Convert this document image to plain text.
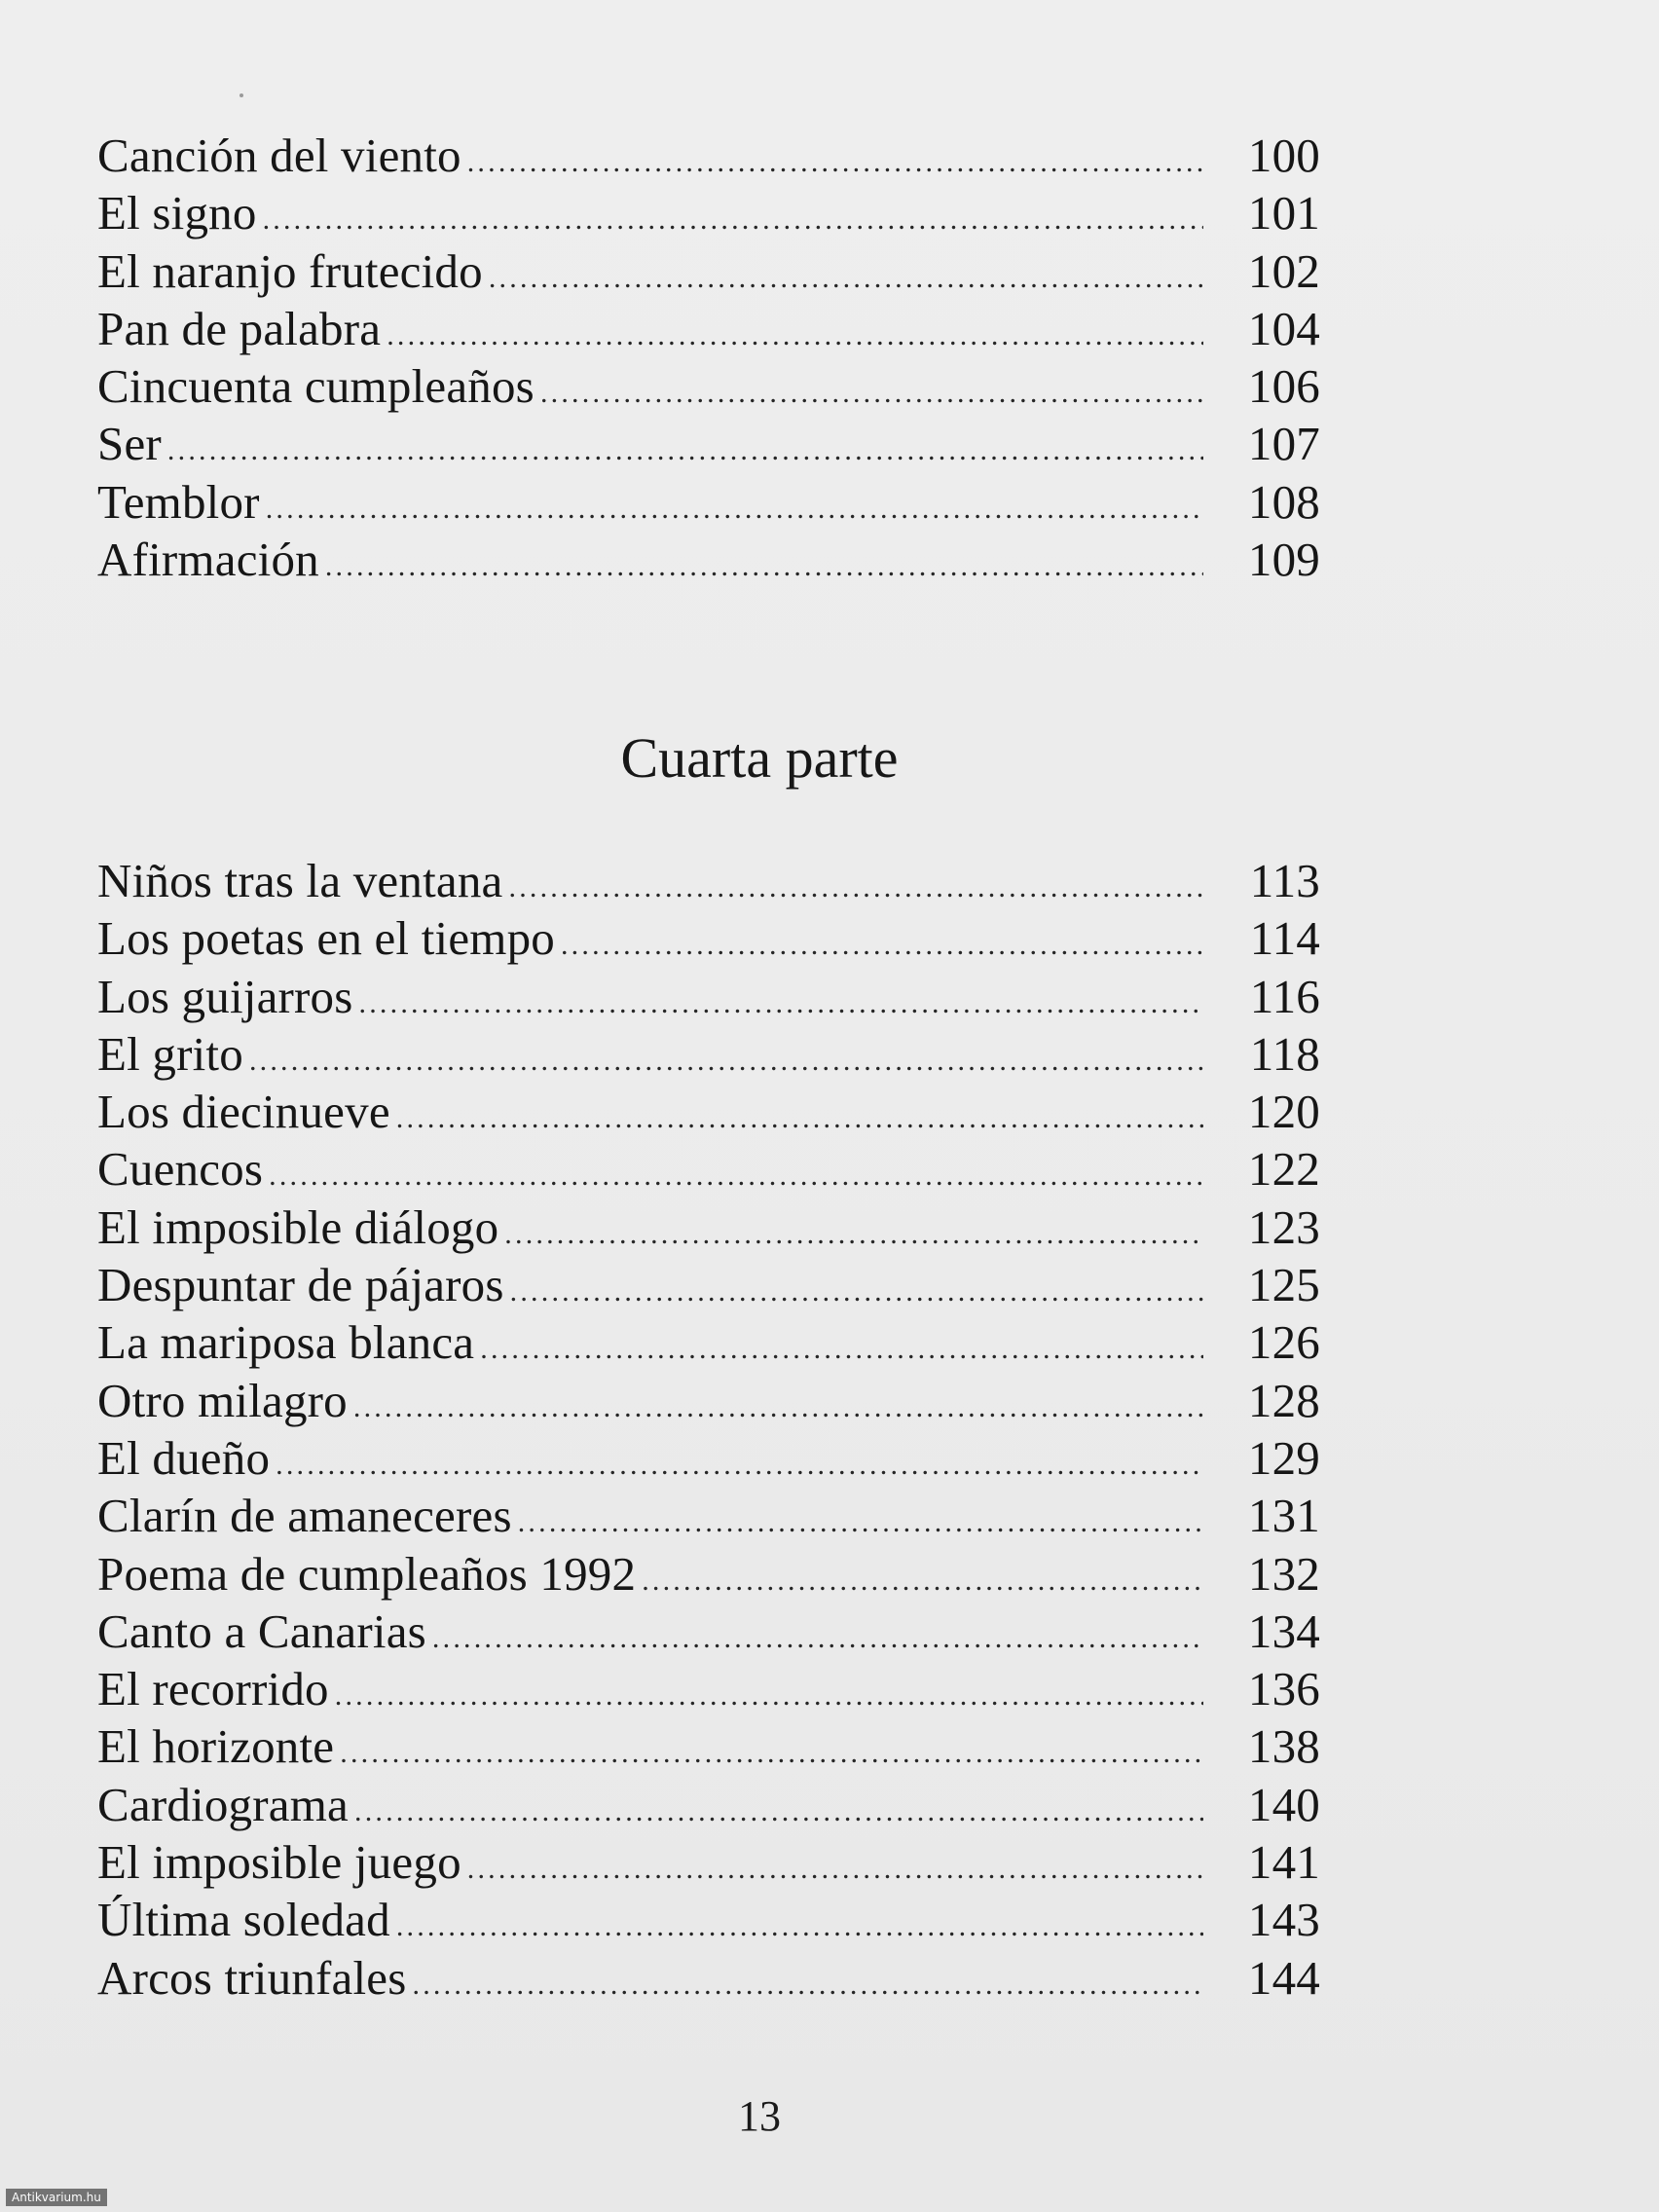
Canción del viento .....	100
El signo .....	101
El naranjo frutecido .....	102
Pan de palabra .....	104
Cincuenta cumpleaños .....	106
Ser .....	107
Temblor .....	108
Afirmación .....	109
Cuarta parte
Niños tras la ventana .....	113
Los poetas en el tiempo .....	114
Los guijarros .....	116
El grito .....	118
Los diecinueve .....	120
Cuencos .....	122
El imposible diálogo .....	123
Despuntar de pájaros .....	125
La mariposa blanca .....	126
Otro milagro .....	128
El dueño .....	129
Clarín de amaneceres .....	131
Poema de cumpleaños 1992 .....	132
Canto a Canarias .....	134
El recorrido .....	136
El horizonte .....	138
Cardiograma .....	140
El imposible juego .....	141
Última soledad .....	143
Arcos triunfales .....	144
13
Antikvarium.hu
